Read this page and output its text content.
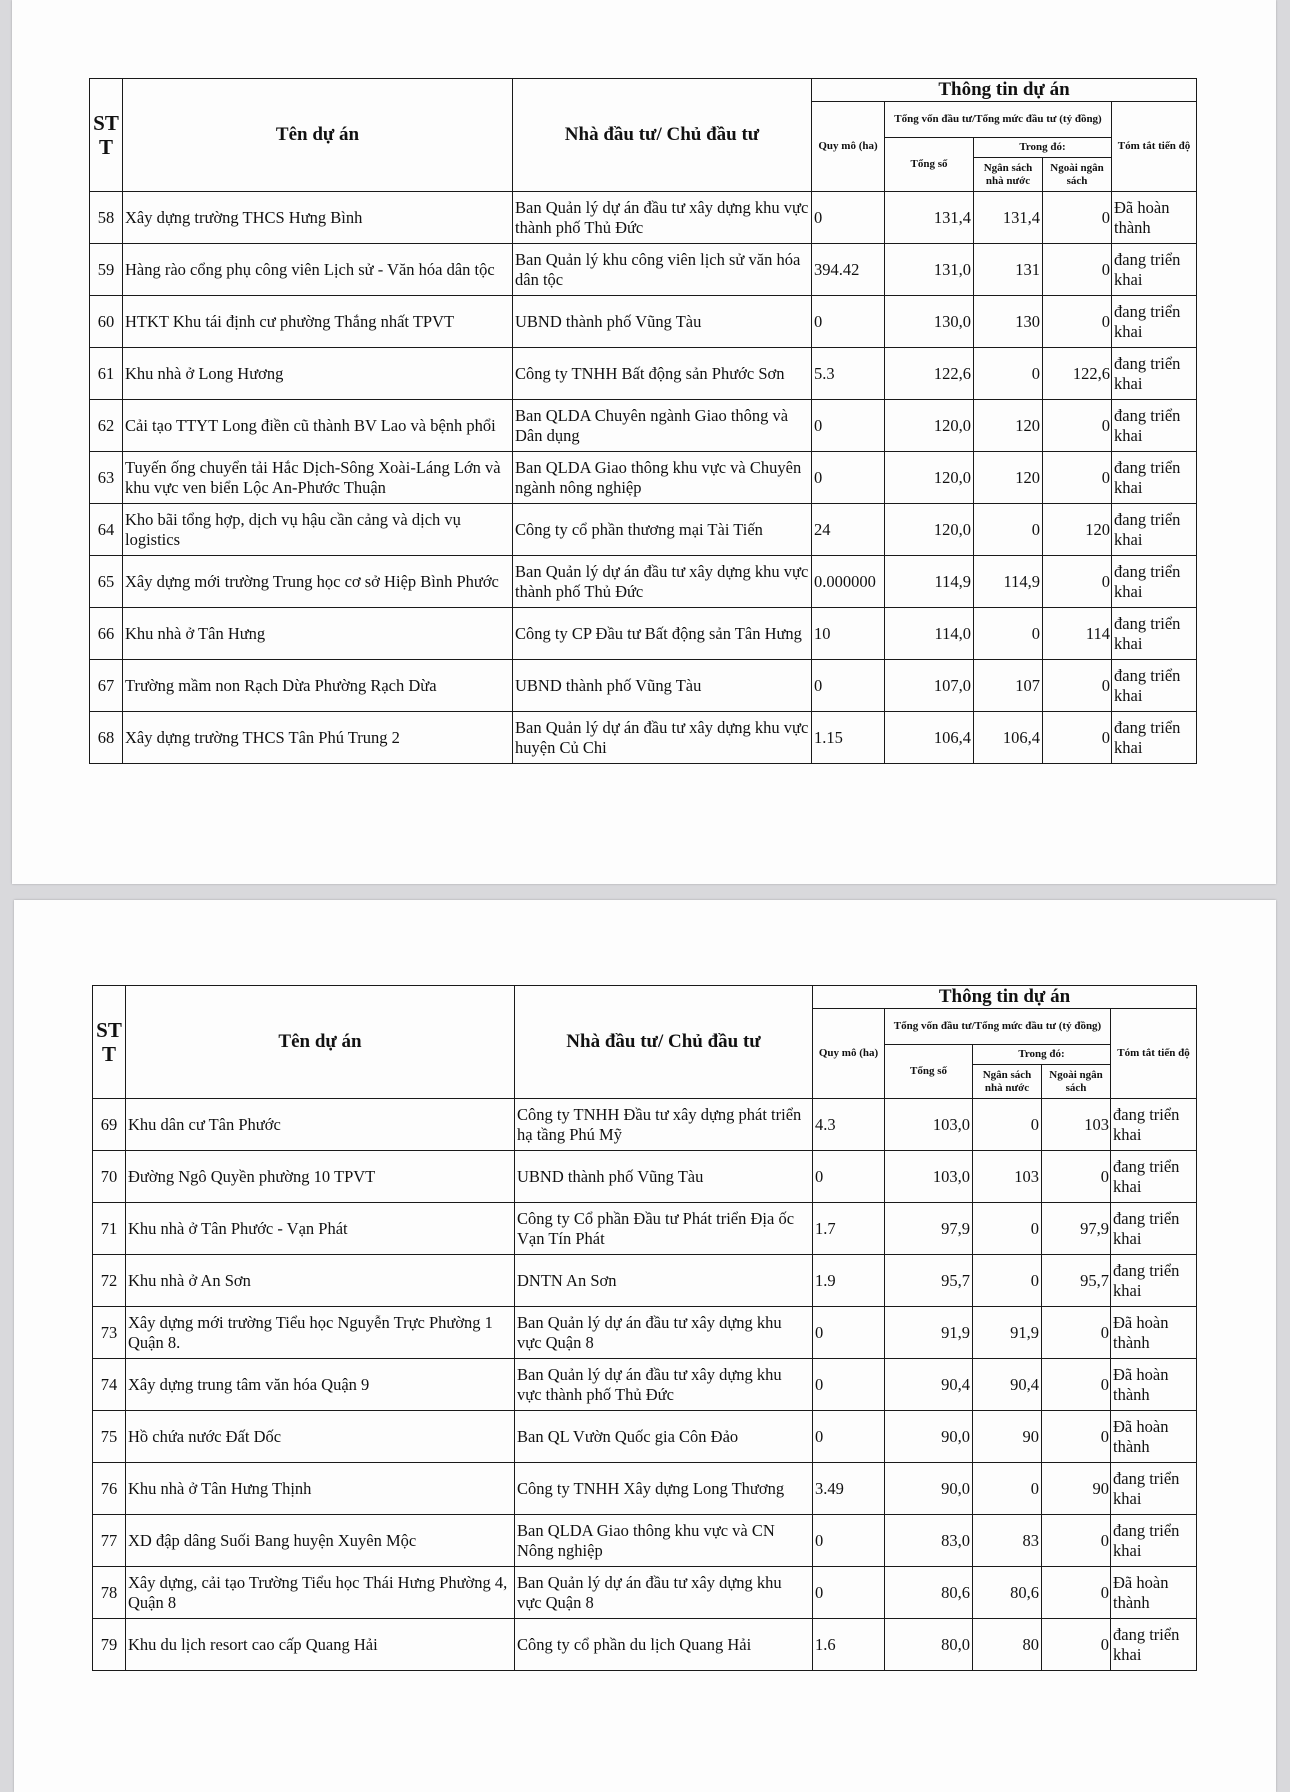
ST T	Tên dự án	Nhà đầu tư/ Chủ đầu tư	Thông tin dự án				
			Quy mô (ha)	Tổng vốn đầu tư/Tổng mức đầu tư (tỷ đồng)			Tóm tắt tiến độ
				Tổng số	Trong đó:		
					Ngân sách nhà nước	Ngoài ngân sách	
58	Xây dựng trường THCS Hưng Bình	Ban Quản lý dự án đầu tư xây dựng khu vực thành phố Thủ Đức	0	131,4	131,4	0	Đã hoàn thành
59	Hàng rào cổng phụ công viên Lịch sử - Văn hóa dân tộc	Ban Quản lý khu công viên lịch sử văn hóa dân tộc	394.42	131,0	131	0	đang triển khai
60	HTKT Khu tái định cư phường Thắng nhất TPVT	UBND thành phố Vũng Tàu	0	130,0	130	0	đang triển khai
61	Khu nhà ở Long Hương	Công ty TNHH Bất động sản Phước Sơn	5.3	122,6	0	122,6	đang triển khai
62	Cải tạo TTYT Long điền cũ thành BV Lao và bệnh phổi	Ban QLDA Chuyên ngành Giao thông và Dân dụng	0	120,0	120	0	đang triển khai
63	Tuyến ống chuyển tải Hắc Dịch-Sông Xoài-Láng Lớn và khu vực ven biển Lộc An-Phước Thuận	Ban QLDA Giao thông khu vực và Chuyên ngành nông nghiệp	0	120,0	120	0	đang triển khai
64	Kho bãi tổng hợp, dịch vụ hậu cần cảng và dịch vụ logistics	Công ty cổ phần thương mại Tài Tiến	24	120,0	0	120	đang triển khai
65	Xây dựng mới trường Trung học cơ sở Hiệp Bình Phước	Ban Quản lý dự án đầu tư xây dựng khu vực thành phố Thủ Đức	0.000000	114,9	114,9	0	đang triển khai
66	Khu nhà ở Tân Hưng	Công ty CP Đầu tư Bất động sản Tân Hưng	10	114,0	0	114	đang triển khai
67	Trường mầm non Rạch Dừa Phường Rạch Dừa	UBND thành phố Vũng Tàu	0	107,0	107	0	đang triển khai
68	Xây dựng trường THCS Tân Phú Trung 2	Ban Quản lý dự án đầu tư xây dựng khu vực huyện Củ Chi	1.15	106,4	106,4	0	đang triển khai
ST T	Tên dự án	Nhà đầu tư/ Chủ đầu tư	Thông tin dự án				
			Quy mô (ha)	Tổng vốn đầu tư/Tổng mức đầu tư (tỷ đồng)			Tóm tắt tiến độ
				Tổng số	Trong đó:		
					Ngân sách nhà nước	Ngoài ngân sách	
69	Khu dân cư Tân Phước	Công ty TNHH Đầu tư xây dựng phát triển hạ tầng Phú Mỹ	4.3	103,0	0	103	đang triển khai
70	Đường Ngô Quyền phường 10 TPVT	UBND thành phố Vũng Tàu	0	103,0	103	0	đang triển khai
71	Khu nhà ở Tân Phước - Vạn Phát	Công ty Cổ phần Đầu tư Phát triển Địa ốc Vạn Tín Phát	1.7	97,9	0	97,9	đang triển khai
72	Khu nhà ở An Sơn	DNTN An Sơn	1.9	95,7	0	95,7	đang triển khai
73	Xây dựng mới trường Tiểu học Nguyễn Trực Phường 1 Quận 8.	Ban Quản lý dự án đầu tư xây dựng khu vực Quận 8	0	91,9	91,9	0	Đã hoàn thành
74	Xây dựng trung tâm văn hóa Quận 9	Ban Quản lý dự án đầu tư xây dựng khu vực thành phố Thủ Đức	0	90,4	90,4	0	Đã hoàn thành
75	Hồ chứa nước Đất Dốc	Ban QL Vườn Quốc gia Côn Đảo	0	90,0	90	0	Đã hoàn thành
76	Khu nhà ở Tân Hưng Thịnh	Công ty TNHH Xây dựng Long Thương	3.49	90,0	0	90	đang triển khai
77	XD đập dâng Suối Bang huyện Xuyên Mộc	Ban QLDA Giao thông khu vực và CN Nông nghiệp	0	83,0	83	0	đang triển khai
78	Xây dựng, cải tạo Trường Tiểu học Thái Hưng Phường 4, Quận 8	Ban Quản lý dự án đầu tư xây dựng khu vực Quận 8	0	80,6	80,6	0	Đã hoàn thành
79	Khu du lịch resort cao cấp Quang Hải	Công ty cổ phần du lịch Quang Hải	1.6	80,0	80	0	đang triển khai
